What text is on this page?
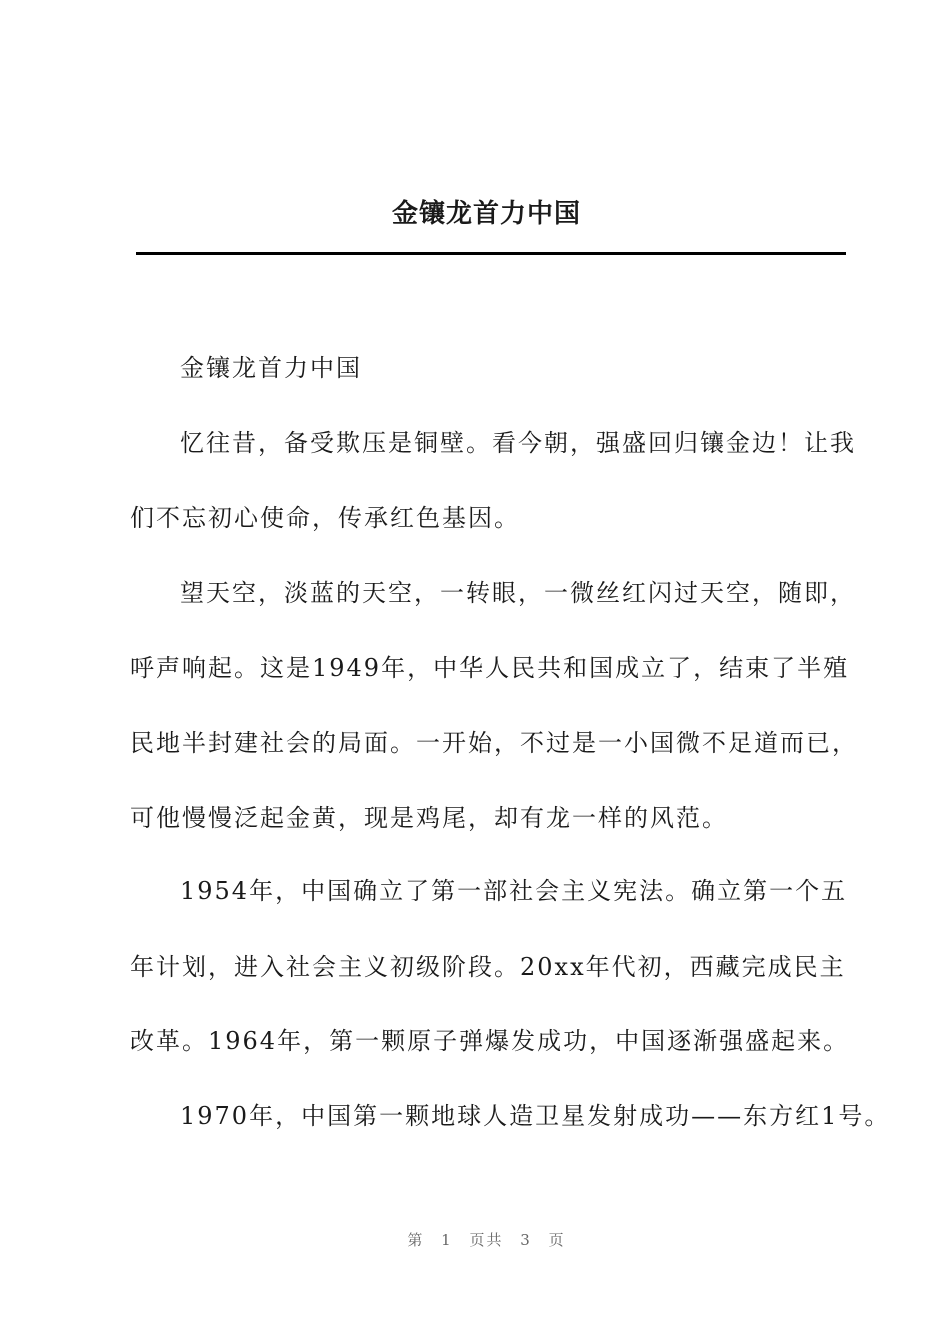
金镶龙首力中国
金镶龙首力中国
忆往昔，备受欺压是铜壁。看今朝，强盛回归镶金边！让我
们不忘初心使命，传承红色基因。
望天空，淡蓝的天空，一转眼，一微丝红闪过天空，随即，
呼声响起。这是1949年，中华人民共和国成立了，结束了半殖
民地半封建社会的局面。一开始，不过是一小国微不足道而已，
可他慢慢泛起金黄，现是鸡尾，却有龙一样的风范。
1954年，中国确立了第一部社会主义宪法。确立第一个五
年计划，进入社会主义初级阶段。20xx年代初，西藏完成民主
改革。1964年，第一颗原子弹爆发成功，中国逐渐强盛起来。
1970年，中国第一颗地球人造卫星发射成功——东方红1号。
第 1 页共 3 页
